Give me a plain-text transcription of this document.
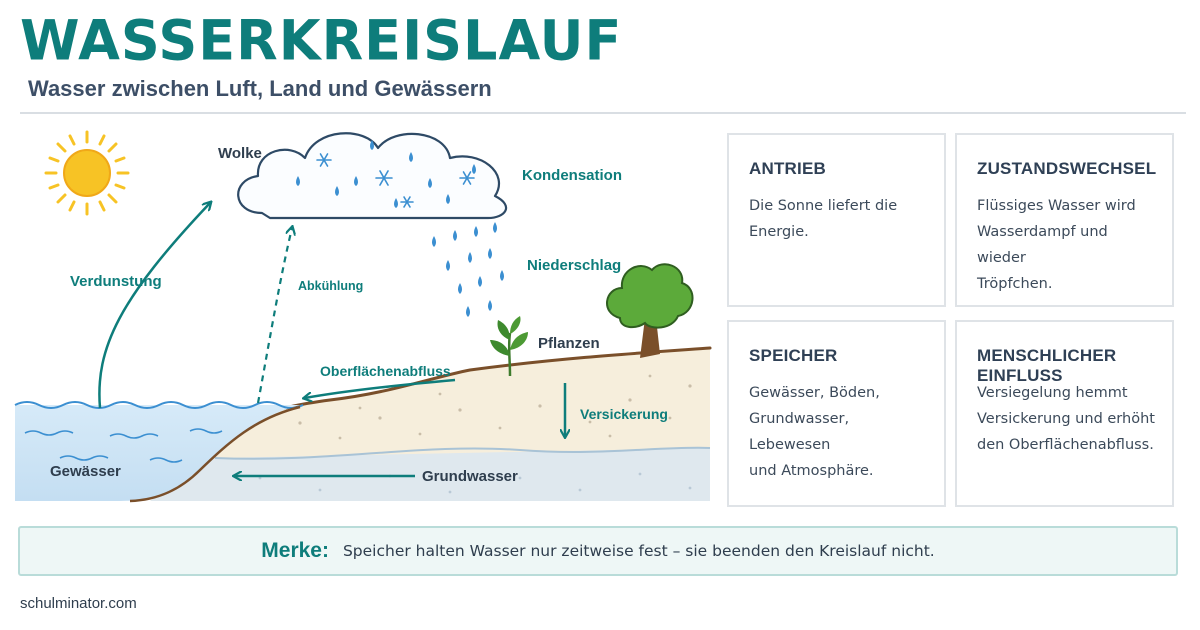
WASSERKREISLAUF
Wasser zwischen Luft, Land und Gewässern
Wolke
Kondensation
Niederschlag
Verdunstung	Abkühlung
Pflanzen
Oberflächenabfluss
Versickerung
Gewässer	Grundwasser
ANTRIEB
Die Sonne liefert die
Energie.
ZUSTANDSWECHSEL
Flüssiges Wasser wird
Wasserdampf und wieder
Tröpfchen.
SPEICHER
Gewässer, Böden,
Grundwasser, Lebewesen
und Atmosphäre.
MENSCHLICHER EINFLUSS
Versiegelung hemmt
Versickerung und erhöht
den Oberflächenabfluss.
Merke: Speicher halten Wasser nur zeitweise fest – sie beenden den Kreislauf nicht.
schulminator.com
